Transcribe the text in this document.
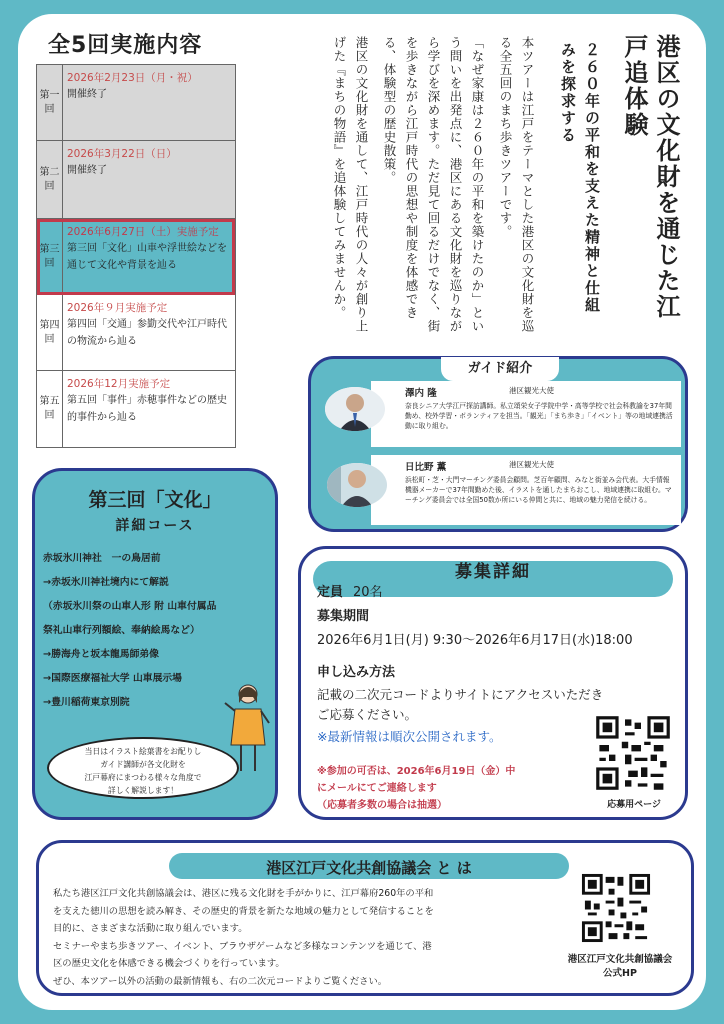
全5回実施内容
第一回
2026年2月23日（月・祝）
開催終了
第二回
2026年3月22日（日）
開催終了
第三回
2026年6月27日（土）実施予定
第三回「文化」山車や浮世絵などを通じて文化や背景を辿る
第四回
2026年９月実施予定
第四回「交通」参勤交代や江戸時代の物流から辿る
第五回
2026年12月実施予定
第五回「事件」赤穂事件などの歴史的事件から辿る
港区の文化財を通じた江戸追体験
２６０年の平和を支えた精神と仕組みを探求する

本ツアーは江戸をテーマとした港区の文化財を巡る全五回のまち歩きツアーです。

「なぜ家康は２６０年の平和を築けたのか」という問いを出発点に、港区にある文化財を巡りながら学びを深めます。ただ見て回るだけでなく、街を歩きながら江戸時代の思想や制度を体感できる、体験型の歴史散策。

港区の文化財を通して、江戸時代の人々が創り上げた『まちの物語』を追体験してみませんか。

ガイド紹介
澤内 隆	港区観光大使
奈良シニア大学江戸探訪講師。私立頌栄女子学院中学・高等学校で社会科教諭を37年間勤め、校外学習・ボランティアを担当。「観光」「まち歩き」「イベント」等の地域連携活動に取り組む。
日比野 薫	港区観光大使
浜松町・芝・大門マーチング委員会顧問。芝百年顧問、みなと街並み会代表。大手情報機器メーカーで37年間勤めた後、イラストを通したまちおこし、地域連携に取組む。マーチング委員会では全国50数か所にいる仲間と共に、地域の魅力発信を続ける。
第三回「文化」
詳細コース
赤坂氷川神社　一の鳥居前
→赤坂氷川神社境内にて解説
（赤坂氷川祭の山車人形 附 山車付属品
祭礼山車行列額絵、奉納絵馬など）
→勝海舟と坂本龍馬師弟像
→国際医療福祉大学 山車展示場
→豊川稲荷東京別院
当日はイラスト絵葉書をお配りし
ガイド講師が各文化財を
江戸幕府にまつわる様々な角度で
詳しく解説します！
募集詳細
定員 20名
募集期間
2026年6月1日(月) 9:30～2026年6月17日(水)18:00
申し込み方法
記載の二次元コードよりサイトにアクセスいただき
ご応募ください。
※最新情報は順次公開されます。
※参加の可否は、2026年6月19日（金）中
にメールにてご連絡します
（応募者多数の場合は抽選）	応募用ページ
港区江戸文化共創協議会 と は
私たち港区江戸文化共創協議会は、港区に残る文化財を手がかりに、江戸幕府260年の平和
を支えた徳川の思想を読み解き、その歴史的背景を新たな地域の魅力として発信することを
目的に、さまざまな活動に取り組んでいます。
セミナーやまち歩きツアー、イベント、ブラウザゲームなど多様なコンテンツを通じて、港
区の歴史文化を体感できる機会づくりを行っています。
ぜひ、本ツアー以外の活動の最新情報も、右の二次元コードよりご覧ください。
港区江戸文化共創協議会
公式HP
